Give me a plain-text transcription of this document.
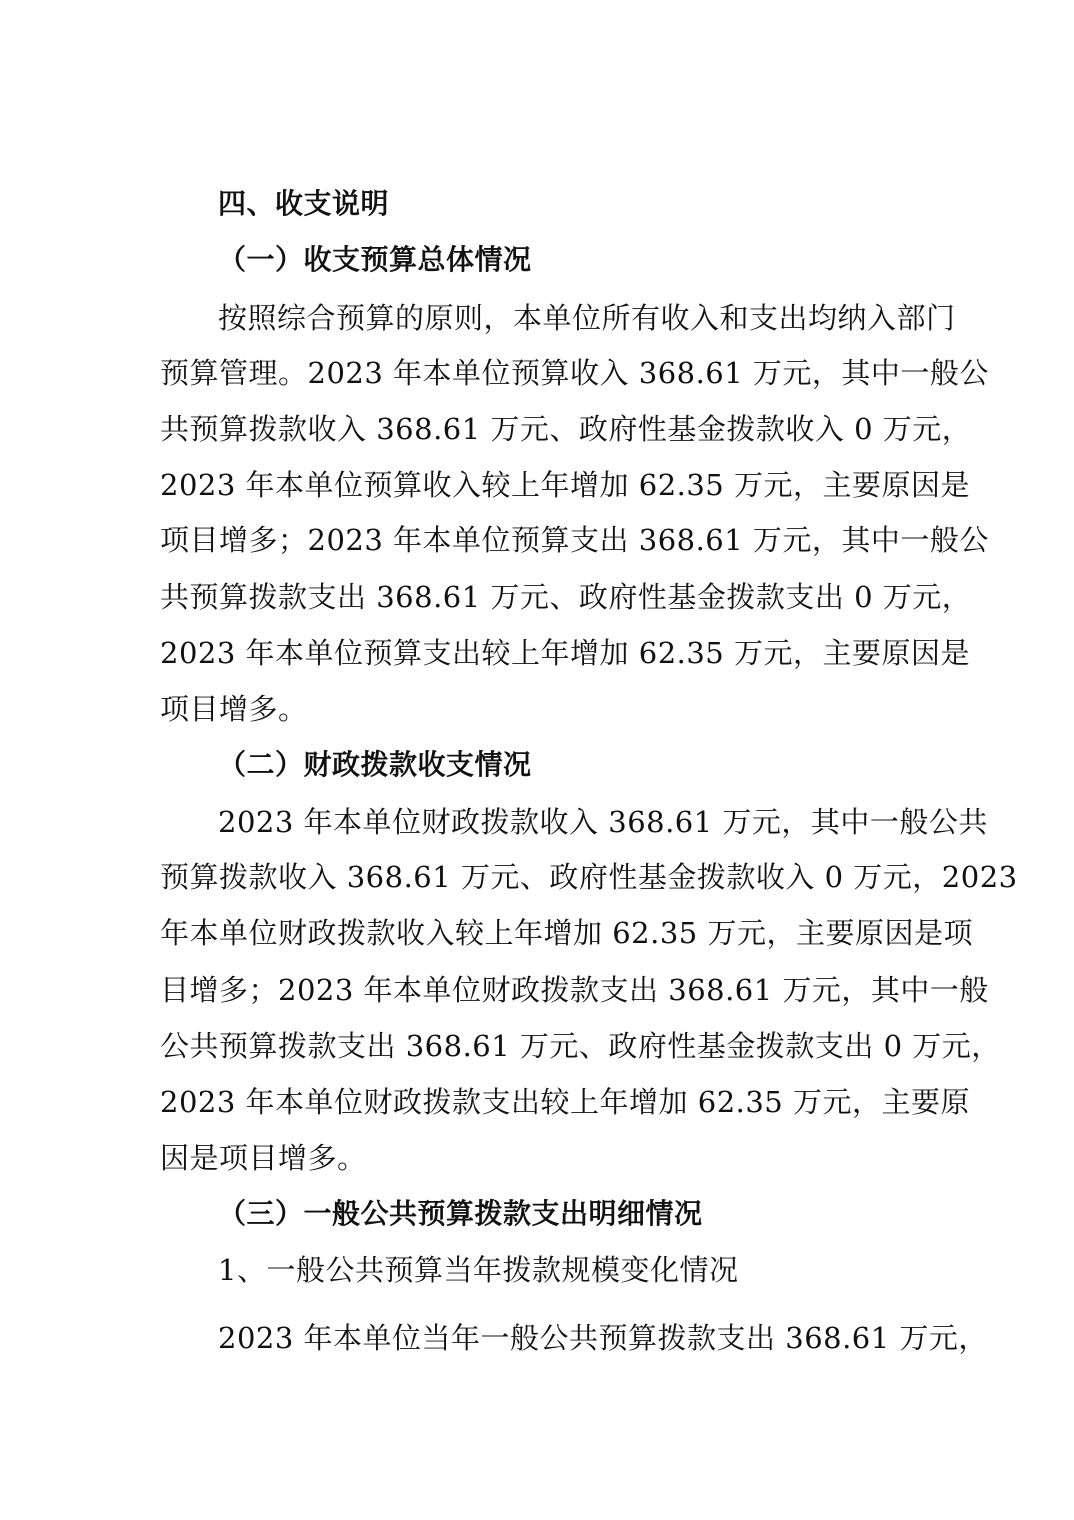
四、收支说明
（一）收支预算总体情况
按照综合预算的原则，本单位所有收入和支出均纳入部门
预算管理。2023 年本单位预算收入 368.61 万元，其中一般公
共预算拨款收入 368.61 万元、政府性基金拨款收入 0 万元，
2023 年本单位预算收入较上年增加 62.35 万元，主要原因是
项目增多；2023 年本单位预算支出 368.61 万元，其中一般公
共预算拨款支出 368.61 万元、政府性基金拨款支出 0 万元，
2023 年本单位预算支出较上年增加 62.35 万元，主要原因是
项目增多。
（二）财政拨款收支情况
2023 年本单位财政拨款收入 368.61 万元，其中一般公共
预算拨款收入 368.61 万元、政府性基金拨款收入 0 万元，2023
年本单位财政拨款收入较上年增加 62.35 万元，主要原因是项
目增多；2023 年本单位财政拨款支出 368.61 万元，其中一般
公共预算拨款支出 368.61 万元、政府性基金拨款支出 0 万元，
2023 年本单位财政拨款支出较上年增加 62.35 万元，主要原
因是项目增多。
（三）一般公共预算拨款支出明细情况
1、一般公共预算当年拨款规模变化情况
2023 年本单位当年一般公共预算拨款支出 368.61 万元，
